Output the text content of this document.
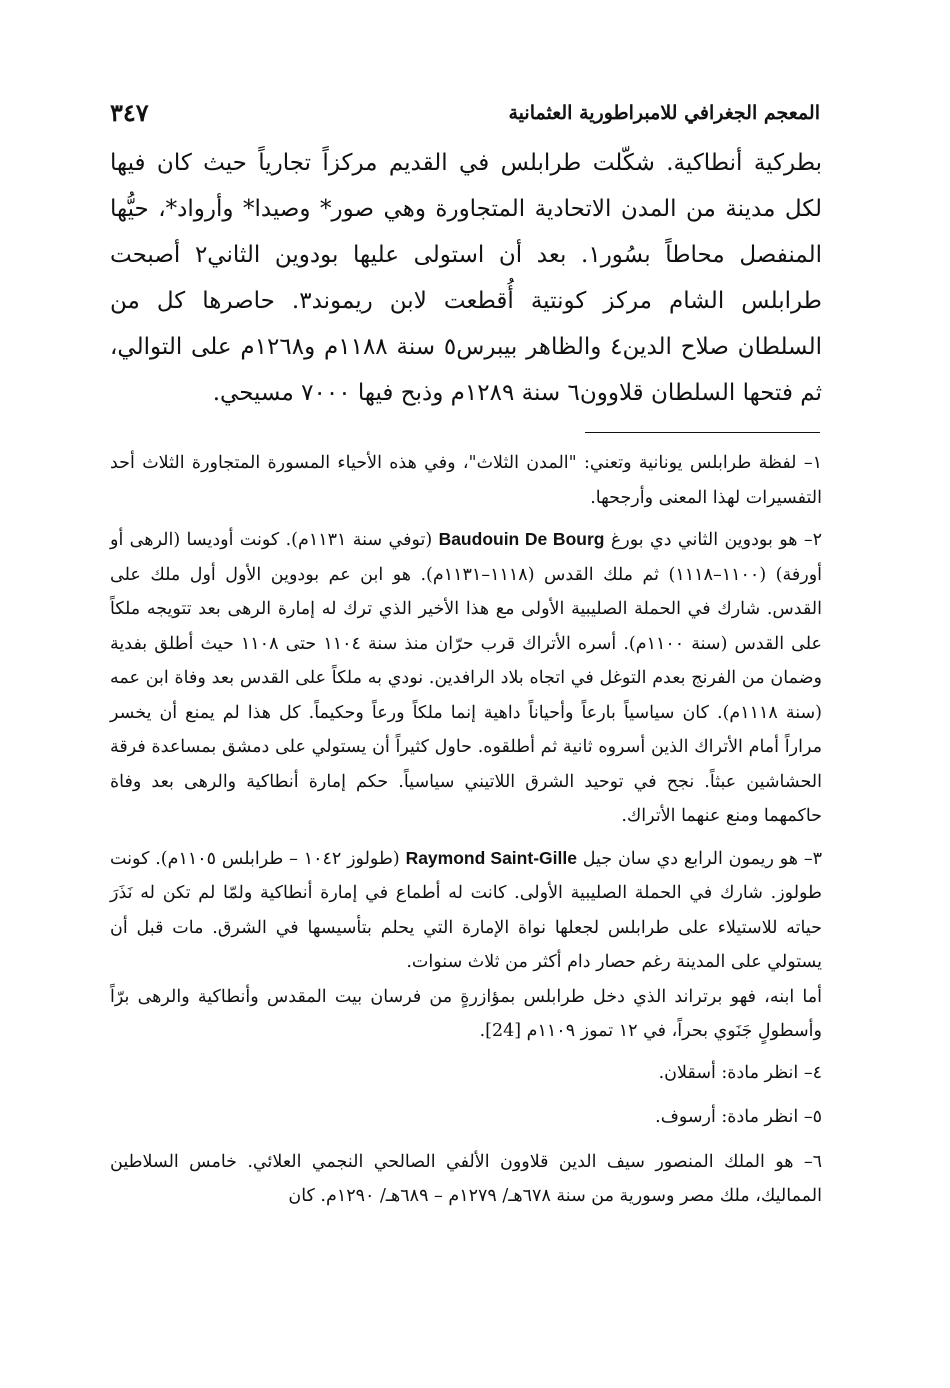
المعجم الجغرافي للامبراطورية العثمانية
٣٤٧

بطركية أنطاكية. شكّلت طرابلس في القديم مركزاً تجارياً حيث كان فيها لكل مدينة من المدن الاتحادية المتجاورة وهي صور* وصيدا* وأرواد*، حيُّها المنفصل محاطاً بسُور١. بعد أن استولى عليها بودوين الثاني٢ أصبحت طرابلس الشام مركز كونتية أُقطعت لابن ريموند٣. حاصرها كل من السلطان صلاح الدين٤ والظاهر بيبرس٥ سنة ١١٨٨م و١٢٦٨م على التوالي، ثم فتحها السلطان قلاوون٦ سنة ١٢٨٩م وذبح فيها ٧٠٠٠ مسيحي.

١– لفظة طرابلس يونانية وتعني: "المدن الثلاث"، وفي هذه الأحياء المسورة المتجاورة الثلاث أحد التفسيرات لهذا المعنى وأرجحها.

٢– هو بودوين الثاني دي بورغ Baudouin De Bourg (توفي سنة ١١٣١م). كونت أوديسا (الرهى أو أورفة) (١١٠٠–١١١٨) ثم ملك القدس (١١١٨–١١٣١م). هو ابن عم بودوين الأول أول ملك على القدس. شارك في الحملة الصليبية الأولى مع هذا الأخير الذي ترك له إمارة الرهى بعد تتويجه ملكاً على القدس (سنة ١١٠٠م). أسره الأتراك قرب حرّان منذ سنة ١١٠٤ حتى ١١٠٨ حيث أطلق بفدية وضمان من الفرنج بعدم التوغل في اتجاه بلاد الرافدين. نودي به ملكاً على القدس بعد وفاة ابن عمه (سنة ١١١٨م). كان سياسياً بارعاً وأحياناً داهية إنما ملكاً ورعاً وحكيماً. كل هذا لم يمنع أن يخسر مراراً أمام الأتراك الذين أسروه ثانية ثم أطلقوه. حاول كثيراً أن يستولي على دمشق بمساعدة فرقة الحشاشين عبثاً. نجح في توحيد الشرق اللاتيني سياسياً. حكم إمارة أنطاكية والرهى بعد وفاة حاكمهما ومنع عنهما الأتراك.

٣– هو ريمون الرابع دي سان جيل Raymond Saint-Gille (طولوز ١٠٤٢ – طرابلس ١١٠٥م). كونت طولوز. شارك في الحملة الصليبية الأولى. كانت له أطماع في إمارة أنطاكية ولمّا لم تكن له نَذَرَ حياته للاستيلاء على طرابلس لجعلها نواة الإمارة التي يحلم بتأسيسها في الشرق. مات قبل أن يستولي على المدينة رغم حصار دام أكثر من ثلاث سنوات.

أما ابنه، فهو برتراند الذي دخل طرابلس بمؤازرةٍ من فرسان بيت المقدس وأنطاكية والرهى برّاً وأسطولٍ جَنَوي بحراً، في ١٢ تموز ١١٠٩م [24].

٤– انظر مادة: أسقلان.

٥– انظر مادة: أرسوف.

٦– هو الملك المنصور سيف الدين قلاوون الألفي الصالحي النجمي العلائي. خامس السلاطين المماليك، ملك مصر وسورية من سنة ٦٧٨هـ/ ١٢٧٩م – ٦٨٩هـ/ ١٢٩٠م. كان
